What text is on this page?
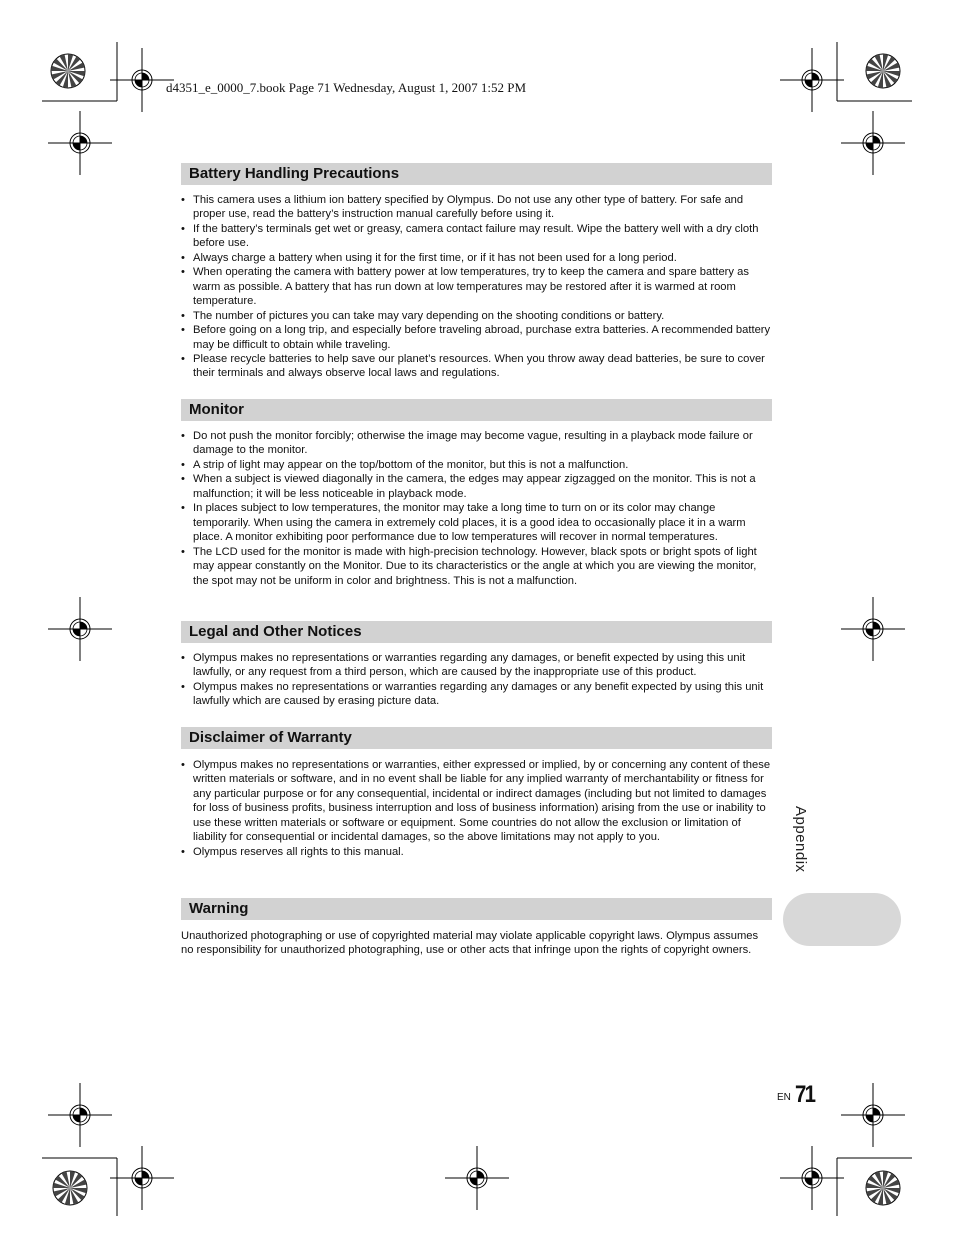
d4351_e_0000_7.book Page 71 Wednesday, August 1, 2007 1:52 PM
Battery Handling Precautions
• This camera uses a lithium ion battery specified by Olympus. Do not use any other type of battery. For safe and proper use, read the battery’s instruction manual carefully before using it.
• If the battery’s terminals get wet or greasy, camera contact failure may result. Wipe the battery well with a dry cloth before use.
• Always charge a battery when using it for the first time, or if it has not been used for a long period.
• When operating the camera with battery power at low temperatures, try to keep the camera and spare battery as warm as possible. A battery that has run down at low temperatures may be restored after it is warmed at room temperature.
• The number of pictures you can take may vary depending on the shooting conditions or battery.
• Before going on a long trip, and especially before traveling abroad, purchase extra batteries. A recommended battery may be difficult to obtain while traveling.
• Please recycle batteries to help save our planet’s resources. When you throw away dead batteries, be sure to cover their terminals and always observe local laws and regulations.
Monitor
• Do not push the monitor forcibly; otherwise the image may become vague, resulting in a playback mode failure or damage to the monitor.
• A strip of light may appear on the top/bottom of the monitor, but this is not a malfunction.
• When a subject is viewed diagonally in the camera, the edges may appear zigzagged on the monitor. This is not a malfunction; it will be less noticeable in playback mode.
• In places subject to low temperatures, the monitor may take a long time to turn on or its color may change temporarily. When using the camera in extremely cold places, it is a good idea to occasionally place it in a warm place. A monitor exhibiting poor performance due to low temperatures will recover in normal temperatures.
• The LCD used for the monitor is made with high-precision technology. However, black spots or bright spots of light may appear constantly on the Monitor. Due to its characteristics or the angle at which you are viewing the monitor, the spot may not be uniform in color and brightness. This is not a malfunction.
Legal and Other Notices
• Olympus makes no representations or warranties regarding any damages, or benefit expected by using this unit lawfully, or any request from a third person, which are caused by the inappropriate use of this product.
• Olympus makes no representations or warranties regarding any damages or any benefit expected by using this unit lawfully which are caused by erasing picture data.
Disclaimer of Warranty
• Olympus makes no representations or warranties, either expressed or implied, by or concerning any content of these written materials or software, and in no event shall be liable for any implied warranty of merchantability or fitness for any particular purpose or for any consequential, incidental or indirect damages (including but not limited to damages for loss of business profits, business interruption and loss of business information) arising from the use or inability to use these written materials or software or equipment. Some countries do not allow the exclusion or limitation of liability for consequential or incidental damages, so the above limitations may not apply to you.
• Olympus reserves all rights to this manual.
Warning

Unauthorized photographing or use of copyrighted material may violate applicable copyright laws. Olympus assumes no responsibility for unauthorized photographing, use or other acts that infringe upon the rights of copyright owners.

Appendix
EN 71
